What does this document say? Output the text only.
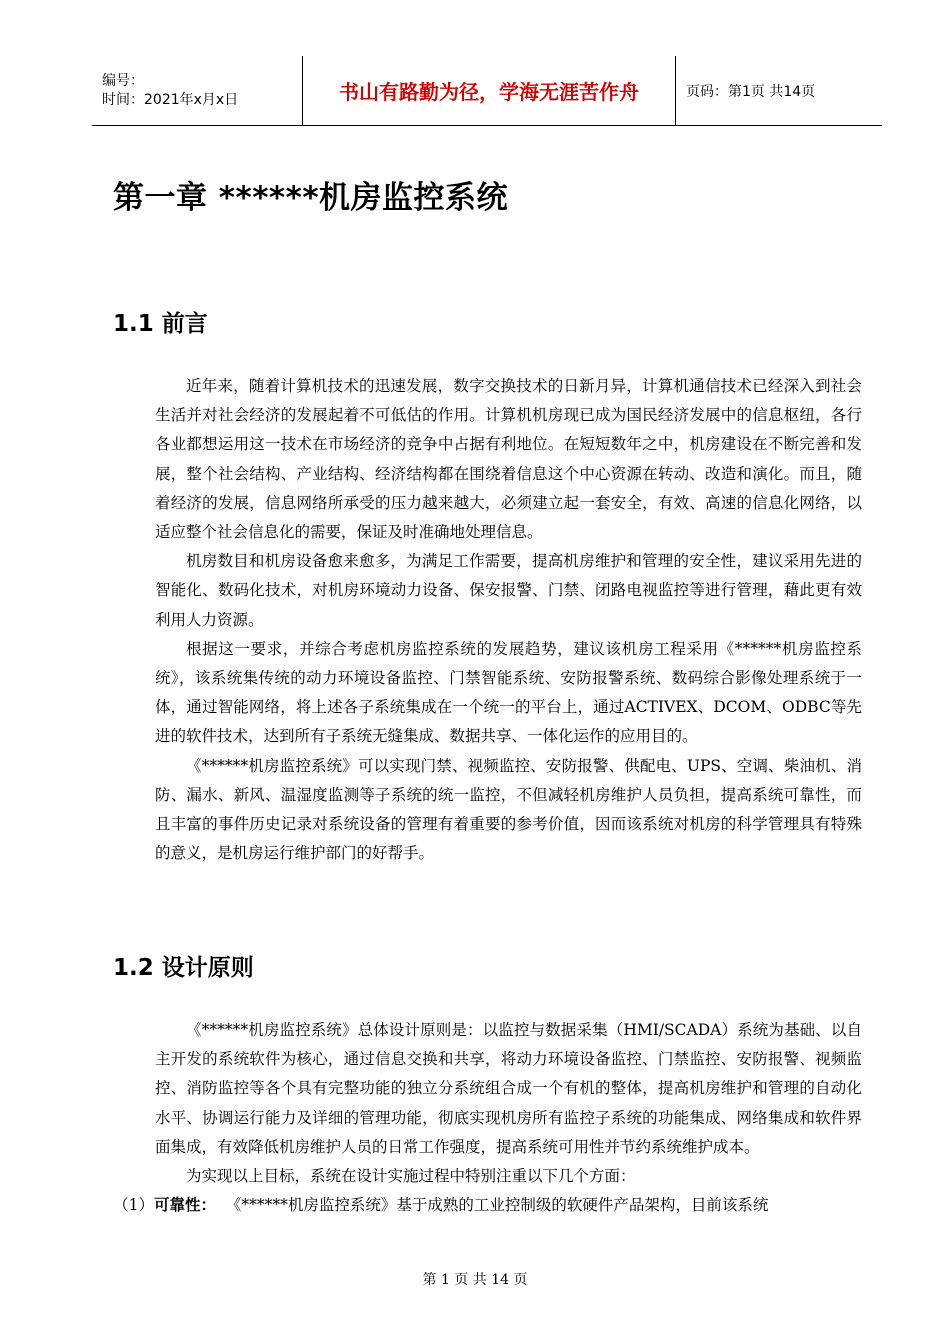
编号：
时间：2021年x月x日	书山有路勤为径，学海无涯苦作舟	页码：第1页 共14页
第一章 ******机房监控系统
1.1 前言

近年来，随着计算机技术的迅速发展，数字交换技术的日新月异，计算机通信技术已经深入到社会生活并对社会经济的发展起着不可低估的作用。计算机机房现已成为国民经济发展中的信息枢纽，各行各业都想运用这一技术在市场经济的竞争中占据有利地位。在短短数年之中，机房建设在不断完善和发展，整个社会结构、产业结构、经济结构都在围绕着信息这个中心资源在转动、改造和演化。而且，随着经济的发展，信息网络所承受的压力越来越大，必须建立起一套安全，有效、高速的信息化网络，以适应整个社会信息化的需要，保证及时准确地处理信息。

机房数目和机房设备愈来愈多，为满足工作需要，提高机房维护和管理的安全性，建议采用先进的智能化、数码化技术，对机房环境动力设备、保安报警、门禁、闭路电视监控等进行管理，藉此更有效利用人力资源。

根据这一要求，并综合考虑机房监控系统的发展趋势，建议该机房工程采用《******机房监控系统》，该系统集传统的动力环境设备监控、门禁智能系统、安防报警系统、数码综合影像处理系统于一体，通过智能网络，将上述各子系统集成在一个统一的平台上，通过ACTIVEX、DCOM、ODBC等先进的软件技术，达到所有子系统无缝集成、数据共享、一体化运作的应用目的。

《******机房监控系统》可以实现门禁、视频监控、安防报警、供配电、UPS、空调、柴油机、消防、漏水、新风、温湿度监测等子系统的统一监控，不但减轻机房维护人员负担，提高系统可靠性，而且丰富的事件历史记录对系统设备的管理有着重要的参考价值，因而该系统对机房的科学管理具有特殊的意义，是机房运行维护部门的好帮手。

1.2 设计原则

《******机房监控系统》总体设计原则是：以监控与数据采集（HMI/SCADA）系统为基础、以自主开发的系统软件为核心，通过信息交换和共享，将动力环境设备监控、门禁监控、安防报警、视频监控、消防监控等各个具有完整功能的独立分系统组合成一个有机的整体，提高机房维护和管理的自动化水平、协调运行能力及详细的管理功能，彻底实现机房所有监控子系统的功能集成、网络集成和软件界面集成，有效降低机房维护人员的日常工作强度，提高系统可用性并节约系统维护成本。

为实现以上目标，系统在设计实施过程中特别注重以下几个方面：

（1）可靠性： 《******机房监控系统》基于成熟的工业控制级的软硬件产品架构，目前该系统

第 1 页 共 14 页
